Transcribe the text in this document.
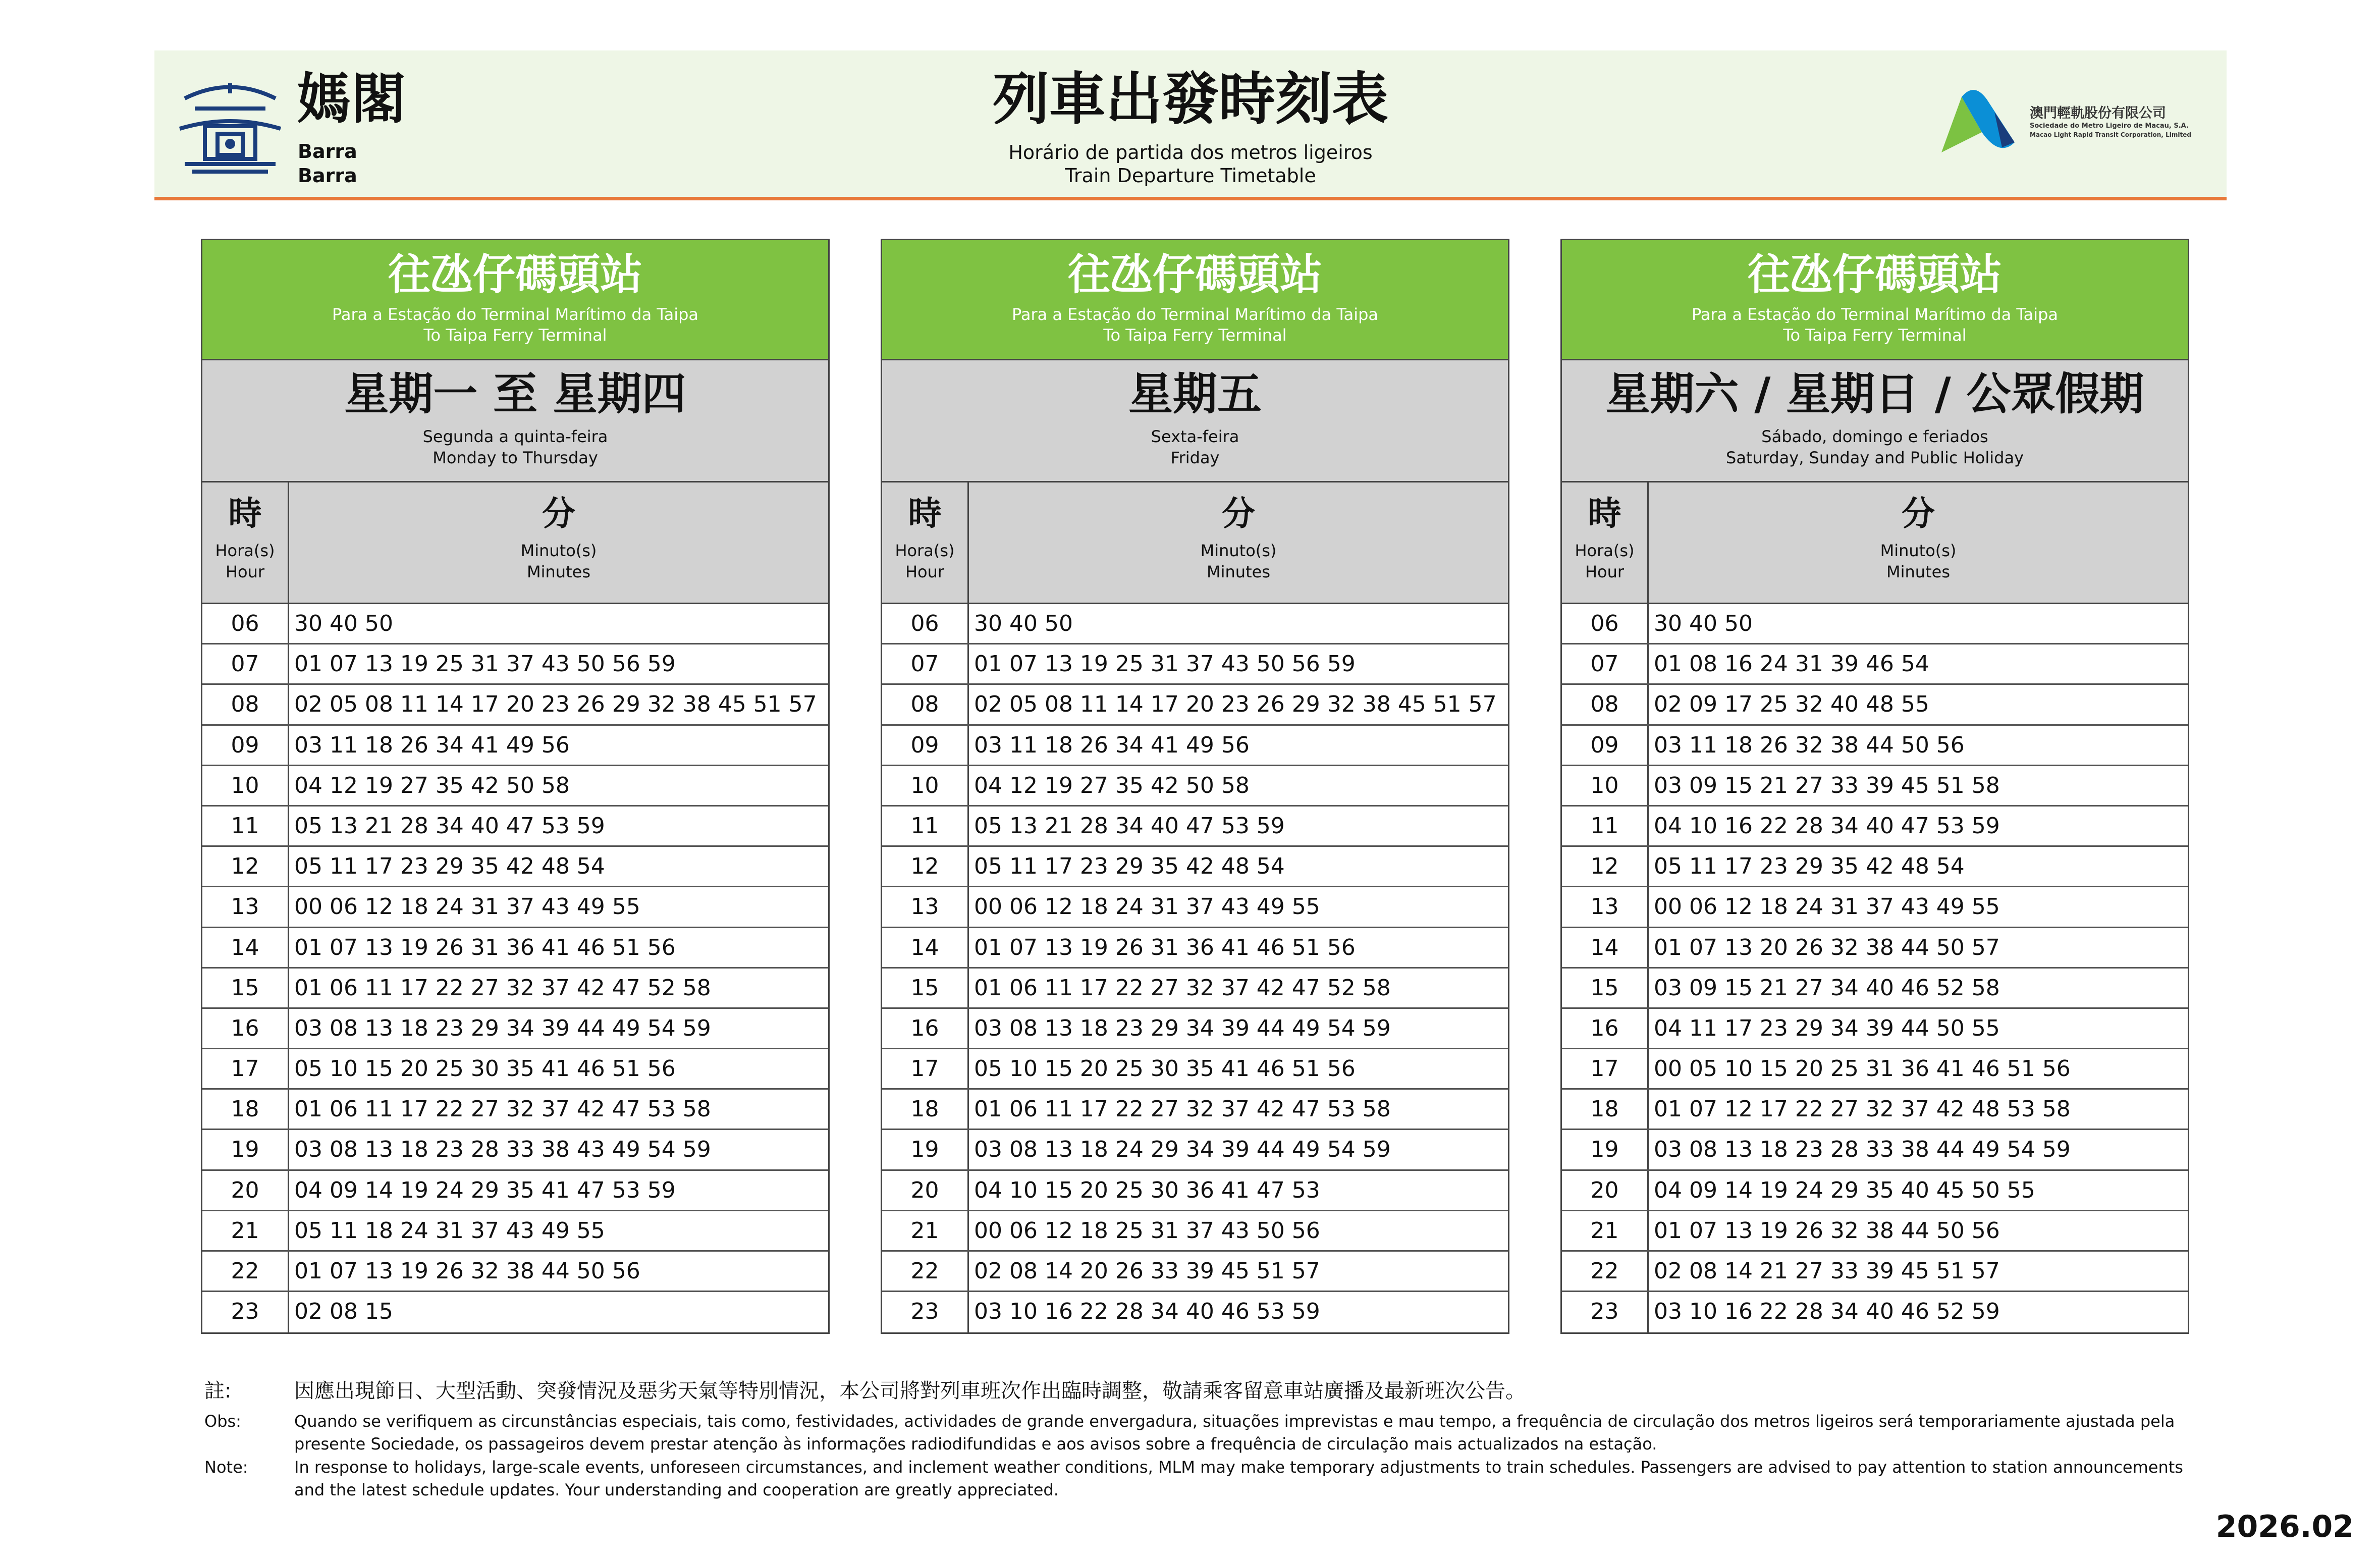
媽閣
Barra
Barra
列車出發時刻表
Horário de partida dos metros ligeiros
Train Departure Timetable
澳門輕軌股份有限公司
Sociedade do Metro Ligeiro de Macau, S.A.
Macao Light Rapid Transit Corporation, Limited
往氹仔碼頭站
Para a Estação do Terminal Marítimo da Taipa
To Taipa Ferry Terminal
星期一 至 星期四
Segunda a quinta-feira
Monday to Thursday
時
Hora(s)
Hour
分
Minuto(s)
Minutes
06	30 40 50
07	01 07 13 19 25 31 37 43 50 56 59
08	02 05 08 11 14 17 20 23 26 29 32 38 45 51 57
09	03 11 18 26 34 41 49 56
10	04 12 19 27 35 42 50 58
11	05 13 21 28 34 40 47 53 59
12	05 11 17 23 29 35 42 48 54
13	00 06 12 18 24 31 37 43 49 55
14	01 07 13 19 26 31 36 41 46 51 56
15	01 06 11 17 22 27 32 37 42 47 52 58
16	03 08 13 18 23 29 34 39 44 49 54 59
17	05 10 15 20 25 30 35 41 46 51 56
18	01 06 11 17 22 27 32 37 42 47 53 58
19	03 08 13 18 23 28 33 38 43 49 54 59
20	04 09 14 19 24 29 35 41 47 53 59
21	05 11 18 24 31 37 43 49 55
22	01 07 13 19 26 32 38 44 50 56
23	02 08 15
往氹仔碼頭站
Para a Estação do Terminal Marítimo da Taipa
To Taipa Ferry Terminal
星期五
Sexta-feira
Friday
時
Hora(s)
Hour
分
Minuto(s)
Minutes
06	30 40 50
07	01 07 13 19 25 31 37 43 50 56 59
08	02 05 08 11 14 17 20 23 26 29 32 38 45 51 57
09	03 11 18 26 34 41 49 56
10	04 12 19 27 35 42 50 58
11	05 13 21 28 34 40 47 53 59
12	05 11 17 23 29 35 42 48 54
13	00 06 12 18 24 31 37 43 49 55
14	01 07 13 19 26 31 36 41 46 51 56
15	01 06 11 17 22 27 32 37 42 47 52 58
16	03 08 13 18 23 29 34 39 44 49 54 59
17	05 10 15 20 25 30 35 41 46 51 56
18	01 06 11 17 22 27 32 37 42 47 53 58
19	03 08 13 18 24 29 34 39 44 49 54 59
20	04 10 15 20 25 30 36 41 47 53
21	00 06 12 18 25 31 37 43 50 56
22	02 08 14 20 26 33 39 45 51 57
23	03 10 16 22 28 34 40 46 53 59
往氹仔碼頭站
Para a Estação do Terminal Marítimo da Taipa
To Taipa Ferry Terminal
星期六 / 星期日 / 公眾假期
Sábado, domingo e feriados
Saturday, Sunday and Public Holiday
時
Hora(s)
Hour
分
Minuto(s)
Minutes
06	30 40 50
07	01 08 16 24 31 39 46 54
08	02 09 17 25 32 40 48 55
09	03 11 18 26 32 38 44 50 56
10	03 09 15 21 27 33 39 45 51 58
11	04 10 16 22 28 34 40 47 53 59
12	05 11 17 23 29 35 42 48 54
13	00 06 12 18 24 31 37 43 49 55
14	01 07 13 20 26 32 38 44 50 57
15	03 09 15 21 27 34 40 46 52 58
16	04 11 17 23 29 34 39 44 50 55
17	00 05 10 15 20 25 31 36 41 46 51 56
18	01 07 12 17 22 27 32 37 42 48 53 58
19	03 08 13 18 23 28 33 38 44 49 54 59
20	04 09 14 19 24 29 35 40 45 50 55
21	01 07 13 19 26 32 38 44 50 56
22	02 08 14 21 27 33 39 45 51 57
23	03 10 16 22 28 34 40 46 52 59
註:	因應出現節日、大型活動、突發情況及惡劣天氣等特別情況，本公司將對列車班次作出臨時調整，敬請乘客留意車站廣播及最新班次公告。
Obs:	Quando se verifiquem as circunstâncias especiais, tais como, festividades, actividades de grande envergadura, situações imprevistas e mau tempo, a frequência de circulação dos metros ligeiros será temporariamente ajustada pela presente Sociedade, os passageiros devem prestar atenção às informações radiodifundidas e aos avisos sobre a frequência de circulação mais actualizados na estação.
Note:	In response to holidays, large-scale events, unforeseen circumstances, and inclement weather conditions, MLM may make temporary adjustments to train schedules. Passengers are advised to pay attention to station announcements and the latest schedule updates. Your understanding and cooperation are greatly appreciated.
2026.02
